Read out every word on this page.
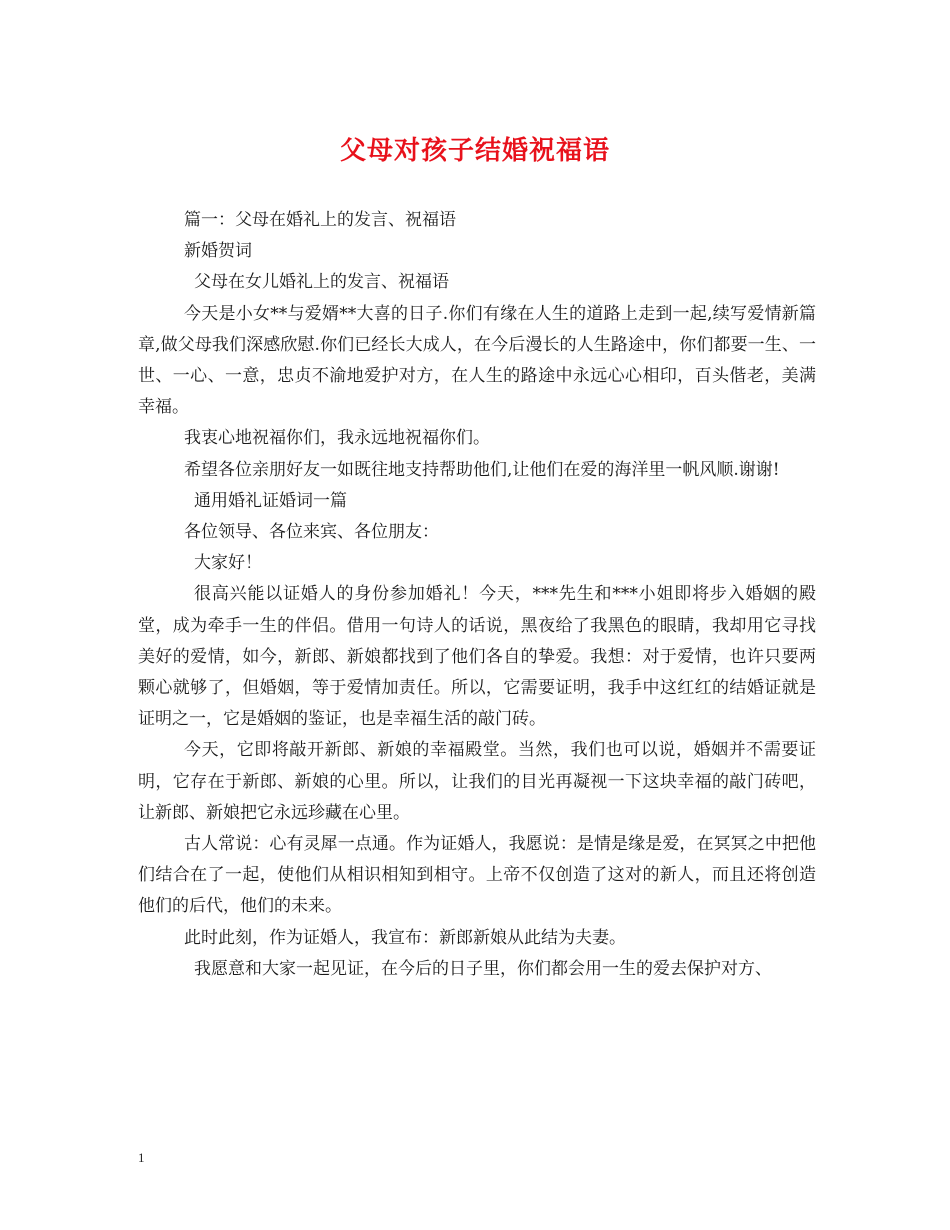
父母对孩子结婚祝福语

篇一：父母在婚礼上的发言、祝福语

新婚贺词

父母在女儿婚礼上的发言、祝福语

今天是小女**与爱婿**大喜的日子.你们有缘在人生的道路上走到一起,续写爱情新篇章,做父母我们深感欣慰.你们已经长大成人，在今后漫长的人生路途中，你们都要一生、一世、一心、一意，忠贞不渝地爱护对方，在人生的路途中永远心心相印，百头偕老，美满幸福。

我衷心地祝福你们，我永远地祝福你们。

希望各位亲朋好友一如既往地支持帮助他们,让他们在爱的海洋里一帆风顺.谢谢!

通用婚礼证婚词一篇

各位领导、各位来宾、各位朋友：

大家好！

很高兴能以证婚人的身份参加婚礼！今天，***先生和***小姐即将步入婚姻的殿堂，成为牵手一生的伴侣。借用一句诗人的话说，黑夜给了我黑色的眼睛，我却用它寻找美好的爱情，如今，新郎、新娘都找到了他们各自的挚爱。我想：对于爱情，也许只要两颗心就够了，但婚姻，等于爱情加责任。所以，它需要证明，我手中这红红的结婚证就是证明之一，它是婚姻的鉴证，也是幸福生活的敲门砖。

今天，它即将敲开新郎、新娘的幸福殿堂。当然，我们也可以说，婚姻并不需要证明，它存在于新郎、新娘的心里。所以，让我们的目光再凝视一下这块幸福的敲门砖吧，让新郎、新娘把它永远珍藏在心里。

古人常说：心有灵犀一点通。作为证婚人，我愿说：是情是缘是爱，在冥冥之中把他们结合在了一起，使他们从相识相知到相守。上帝不仅创造了这对的新人，而且还将创造他们的后代，他们的未来。

此时此刻，作为证婚人，我宣布：新郎新娘从此结为夫妻。

我愿意和大家一起见证，在今后的日子里，你们都会用一生的爱去保护对方、

1
